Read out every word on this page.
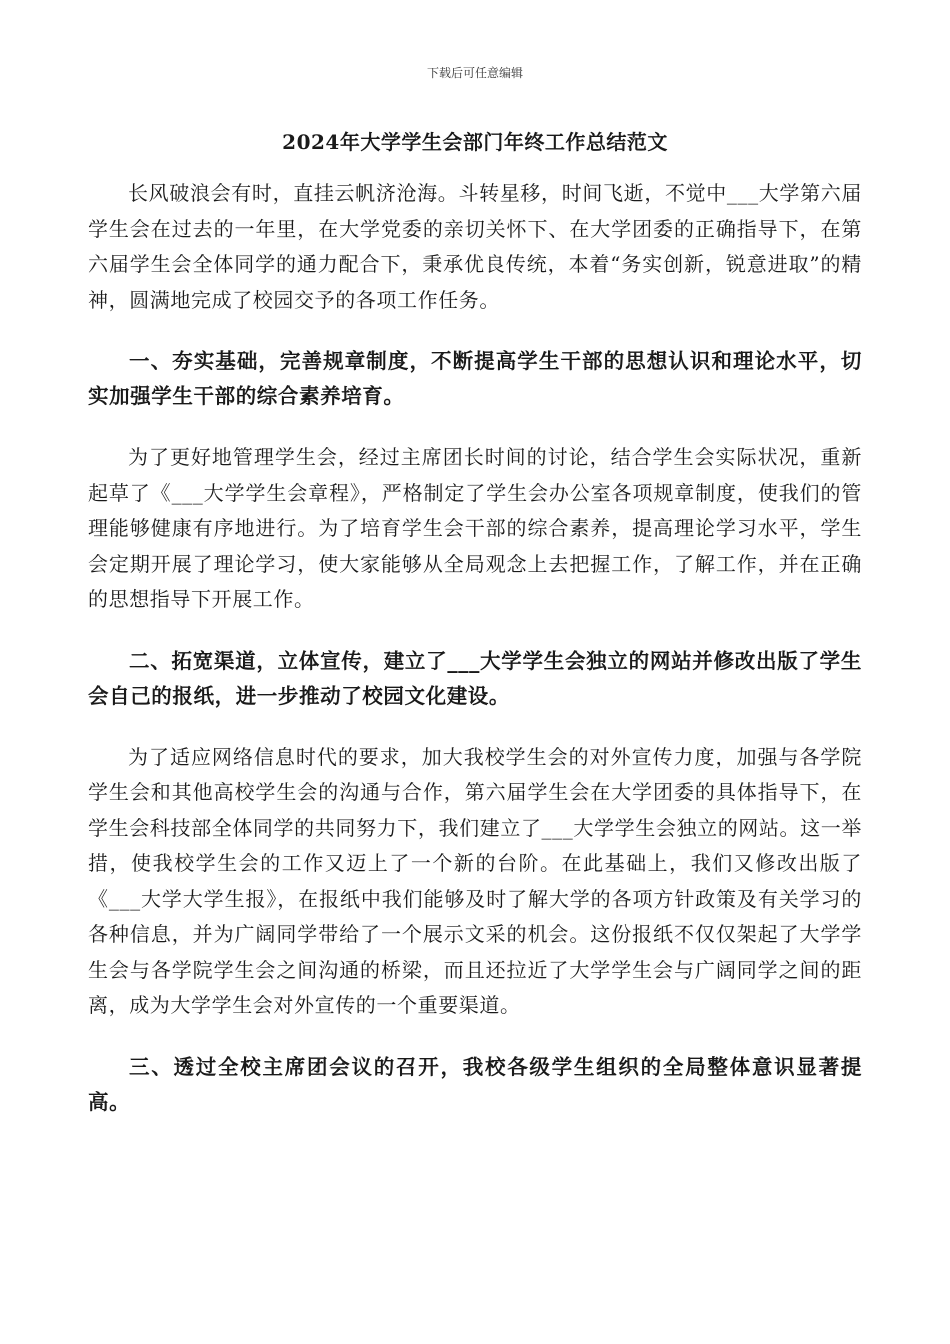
下载后可任意编辑
2024年大学学生会部门年终工作总结范文

长风破浪会有时，直挂云帆济沧海。斗转星移，时间飞逝，不觉中___大学第六届学生会在过去的一年里，在大学党委的亲切关怀下、在大学团委的正确指导下，在第六届学生会全体同学的通力配合下，秉承优良传统，本着“务实创新，锐意进取”的精神，圆满地完成了校园交予的各项工作任务。

一、夯实基础，完善规章制度，不断提高学生干部的思想认识和理论水平，切实加强学生干部的综合素养培育。

为了更好地管理学生会，经过主席团长时间的讨论，结合学生会实际状况，重新起草了《___大学学生会章程》，严格制定了学生会办公室各项规章制度，使我们的管理能够健康有序地进行。为了培育学生会干部的综合素养，提高理论学习水平，学生会定期开展了理论学习，使大家能够从全局观念上去把握工作，了解工作，并在正确的思想指导下开展工作。

二、拓宽渠道，立体宣传，建立了___大学学生会独立的网站并修改出版了学生会自己的报纸，进一步推动了校园文化建设。

为了适应网络信息时代的要求，加大我校学生会的对外宣传力度，加强与各学院学生会和其他高校学生会的沟通与合作，第六届学生会在大学团委的具体指导下，在学生会科技部全体同学的共同努力下，我们建立了___大学学生会独立的网站。这一举措，使我校学生会的工作又迈上了一个新的台阶。在此基础上，我们又修改出版了《___大学大学生报》，在报纸中我们能够及时了解大学的各项方针政策及有关学习的各种信息，并为广阔同学带给了一个展示文采的机会。这份报纸不仅仅架起了大学学生会与各学院学生会之间沟通的桥梁，而且还拉近了大学学生会与广阔同学之间的距离，成为大学学生会对外宣传的一个重要渠道。

三、透过全校主席团会议的召开，我校各级学生组织的全局整体意识显著提高。
